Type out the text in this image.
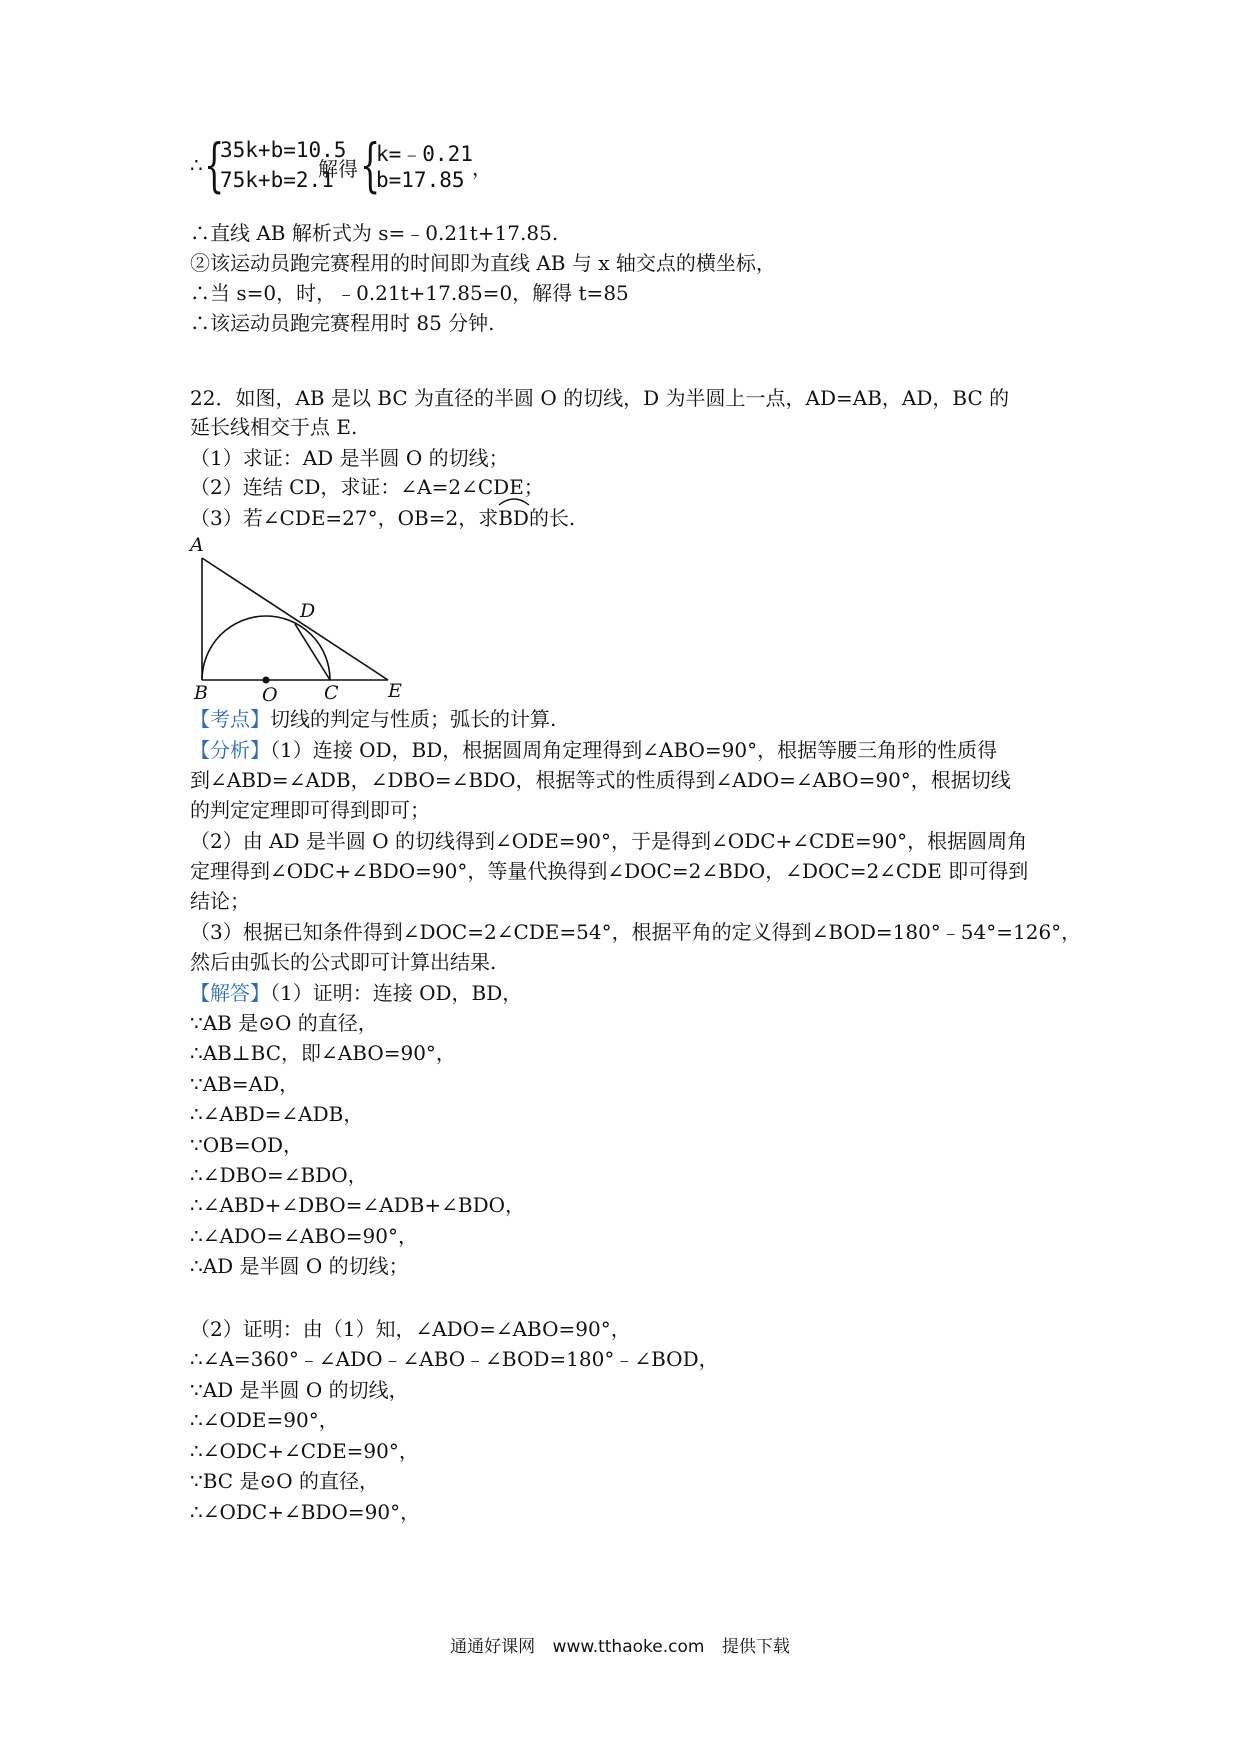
∴ {
35k+b=10.5
75k+b=2.1
解得 {
k=﹣0.21
b=17.85 ，
∴直线 AB 解析式为 s=﹣0.21t+17.85.
②该运动员跑完赛程用的时间即为直线 AB 与 x 轴交点的横坐标，
∴当 s=0，时，﹣0.21t+17.85=0，解得 t=85
∴该运动员跑完赛程用时 85 分钟.
22．如图，AB 是以 BC 为直径的半圆 O 的切线，D 为半圆上一点，AD=AB，AD，BC 的
延长线相交于点 E.
（1）求证：AD 是半圆 O 的切线；
（2）连结 CD，求证：∠A=2∠CDE；
（3）若∠CDE=27°，OB=2，求
BD的长.
A
D
B	O C	E
【考点】切线的判定与性质；弧长的计算.
【分析】（1）连接 OD，BD，根据圆周角定理得到∠ABO=90°，根据等腰三角形的性质得
到∠ABD=∠ADB，∠DBO=∠BDO，根据等式的性质得到∠ADO=∠ABO=90°，根据切线
的判定定理即可得到即可；
（2）由 AD 是半圆 O 的切线得到∠ODE=90°，于是得到∠ODC+∠CDE=90°，根据圆周角
定理得到∠ODC+∠BDO=90°，等量代换得到∠DOC=2∠BDO，∠DOC=2∠CDE 即可得到
结论；
（3）根据已知条件得到∠DOC=2∠CDE=54°，根据平角的定义得到∠BOD=180°﹣54°=126°，
然后由弧长的公式即可计算出结果.
【解答】（1）证明：连接 OD，BD，
∵AB 是⊙O 的直径，
∴AB⊥BC，即∠ABO=90°，
∵AB=AD，
∴∠ABD=∠ADB，
∵OB=OD，
∴∠DBO=∠BDO，
∴∠ABD+∠DBO=∠ADB+∠BDO，
∴∠ADO=∠ABO=90°，
∴AD 是半圆 O 的切线；
（2）证明：由（1）知，∠ADO=∠ABO=90°，
∴∠A=360°﹣∠ADO﹣∠ABO﹣∠BOD=180°﹣∠BOD，
∵AD 是半圆 O 的切线，
∴∠ODE=90°，
∴∠ODC+∠CDE=90°，
∵BC 是⊙O 的直径，
∴∠ODC+∠BDO=90°，
通通好课网 www.tthaoke.com 提供下载
